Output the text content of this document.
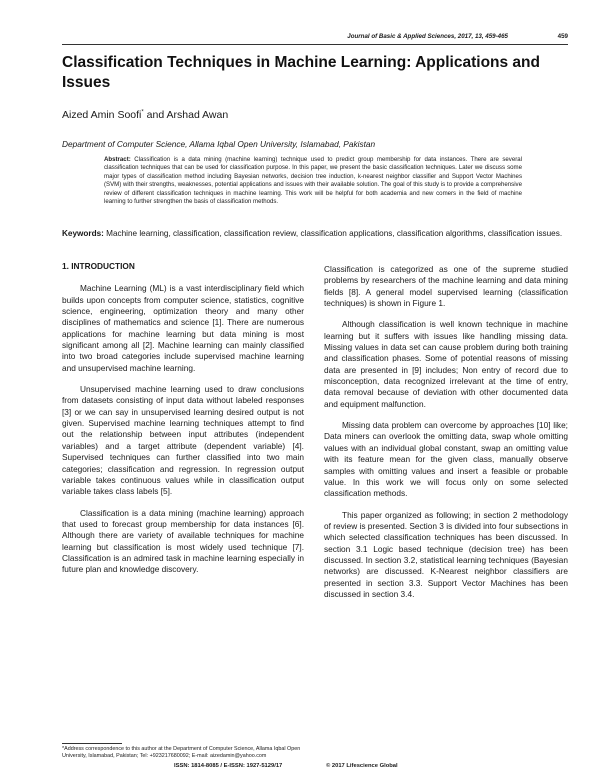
Journal of Basic & Applied Sciences, 2017, 13, 459-465	459
Classification Techniques in Machine Learning: Applications and Issues
Aized Amin Soofi* and Arshad Awan
Department of Computer Science, Allama Iqbal Open University, Islamabad, Pakistan
Abstract: Classification is a data mining (machine learning) technique used to predict group membership for data instances. There are several classification techniques that can be used for classification purpose. In this paper, we present the basic classification techniques. Later we discuss some major types of classification method including Bayesian networks, decision tree induction, k-nearest neighbor classifier and Support Vector Machines (SVM) with their strengths, weaknesses, potential applications and issues with their available solution. The goal of this study is to provide a comprehensive review of different classification techniques in machine learning. This work will be helpful for both academia and new comers in the field of machine learning to further strengthen the basis of classification methods.
Keywords: Machine learning, classification, classification review, classification applications, classification algorithms, classification issues.
1. INTRODUCTION

Machine Learning (ML) is a vast interdisciplinary field which builds upon concepts from computer science, statistics, cognitive science, engineering, optimization theory and many other disciplines of mathematics and science [1]. There are numerous applications for machine learning but data mining is most significant among all [2]. Machine learning can mainly classified into two broad categories include supervised machine learning and unsupervised machine learning.

Unsupervised machine learning used to draw conclusions from datasets consisting of input data without labeled responses [3] or we can say in unsupervised learning desired output is not given. Supervised machine learning techniques attempt to find out the relationship between input attributes (independent variables) and a target attribute (dependent variable) [4]. Supervised techniques can further classified into two main categories; classification and regression. In regression output variable takes continuous values while in classification output variable takes class labels [5].

Classification is a data mining (machine learning) approach that used to forecast group membership for data instances [6]. Although there are variety of available techniques for machine learning but classification is most widely used technique [7]. Classification is an admired task in machine learning especially in future plan and knowledge discovery.

Classification is categorized as one of the supreme studied problems by researchers of the machine learning and data mining fields [8]. A general model supervised learning (classification techniques) is shown in Figure 1.

Although classification is well known technique in machine learning but it suffers with issues like handling missing data. Missing values in data set can cause problem during both training and classification phases. Some of potential reasons of missing data are presented in [9] includes; Non entry of record due to misconception, data recognized irrelevant at the time of entry, data removal because of deviation with other documented data and equipment malfunction.

Missing data problem can overcome by approaches [10] like; Data miners can overlook the omitting data, swap whole omitting values with an individual global constant, swap an omitting value with its feature mean for the given class, manually observe samples with omitting values and insert a feasible or probable value. In this work we will focus only on some selected classification methods.

This paper organized as following; in section 2 methodology of review is presented. Section 3 is divided into four subsections in which selected classification techniques has been discussed. In section 3.1 Logic based technique (decision tree) has been discussed. In section 3.2, statistical learning techniques (Bayesian networks) are discussed. K-Nearest neighbor classifiers are presented in section 3.3. Support Vector Machines has been discussed in section 3.4.

*Address correspondence to this author at the Department of Computer Science, Allama Iqbal Open University, Islamabad, Pakistan; Tel: +923217680092; E-mail: aizedamin@yahoo.com
ISSN: 1814-8085 / E-ISSN: 1927-5129/17	© 2017 Lifescience Global
